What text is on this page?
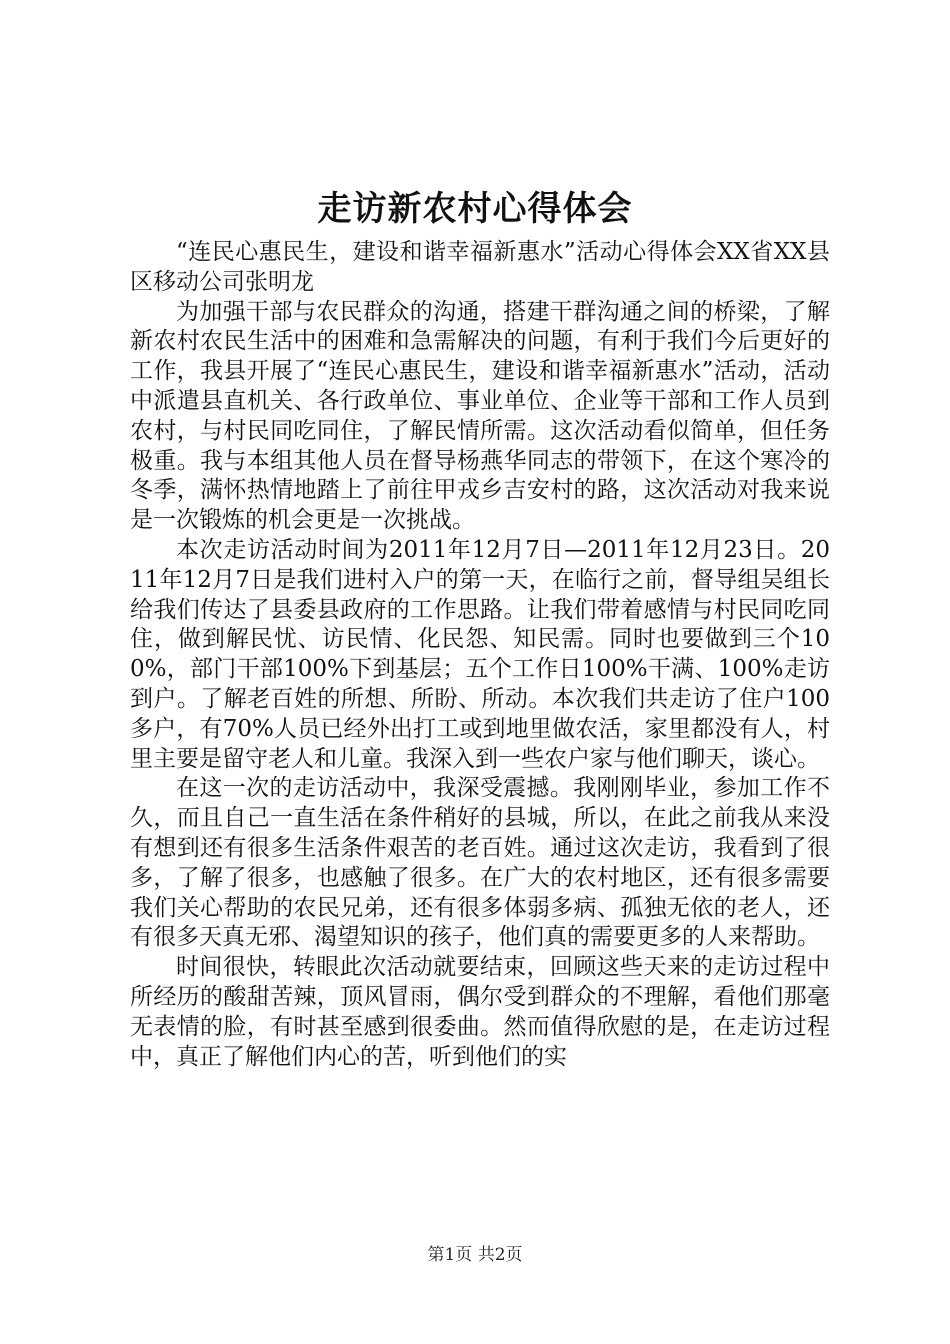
走访新农村心得体会

“连民心惠民生，建设和谐幸福新惠水”活动心得体会XX省XX县区移动公司张明龙

为加强干部与农民群众的沟通，搭建干群沟通之间的桥梁，了解新农村农民生活中的困难和急需解决的问题，有利于我们今后更好的工作，我县开展了“连民心惠民生，建设和谐幸福新惠水”活动，活动中派遣县直机关、各行政单位、事业单位、企业等干部和工作人员到农村，与村民同吃同住，了解民情所需。这次活动看似简单，但任务极重。我与本组其他人员在督导杨燕华同志的带领下，在这个寒冷的冬季，满怀热情地踏上了前往甲戎乡吉安村的路，这次活动对我来说是一次锻炼的机会更是一次挑战。

本次走访活动时间为2011年12月7日—2011年12月23日。2011年12月7日是我们进村入户的第一天，在临行之前，督导组吴组长给我们传达了县委县政府的工作思路。让我们带着感情与村民同吃同住，做到解民忧、访民情、化民怨、知民需。同时也要做到三个100%，部门干部100%下到基层；五个工作日100%干满、100%走访到户。了解老百姓的所想、所盼、所动。本次我们共走访了住户100多户，有70%人员已经外出打工或到地里做农活，家里都没有人，村里主要是留守老人和儿童。我深入到一些农户家与他们聊天，谈心。

在这一次的走访活动中，我深受震撼。我刚刚毕业，参加工作不久，而且自己一直生活在条件稍好的县城，所以，在此之前我从来没有想到还有很多生活条件艰苦的老百姓。通过这次走访，我看到了很多，了解了很多，也感触了很多。在广大的农村地区，还有很多需要我们关心帮助的农民兄弟，还有很多体弱多病、孤独无依的老人，还有很多天真无邪、渴望知识的孩子，他们真的需要更多的人来帮助。

时间很快，转眼此次活动就要结束，回顾这些天来的走访过程中所经历的酸甜苦辣，顶风冒雨，偶尔受到群众的不理解，看他们那毫无表情的脸，有时甚至感到很委曲。然而值得欣慰的是，在走访过程中，真正了解他们内心的苦，听到他们的实

第1页 共2页
